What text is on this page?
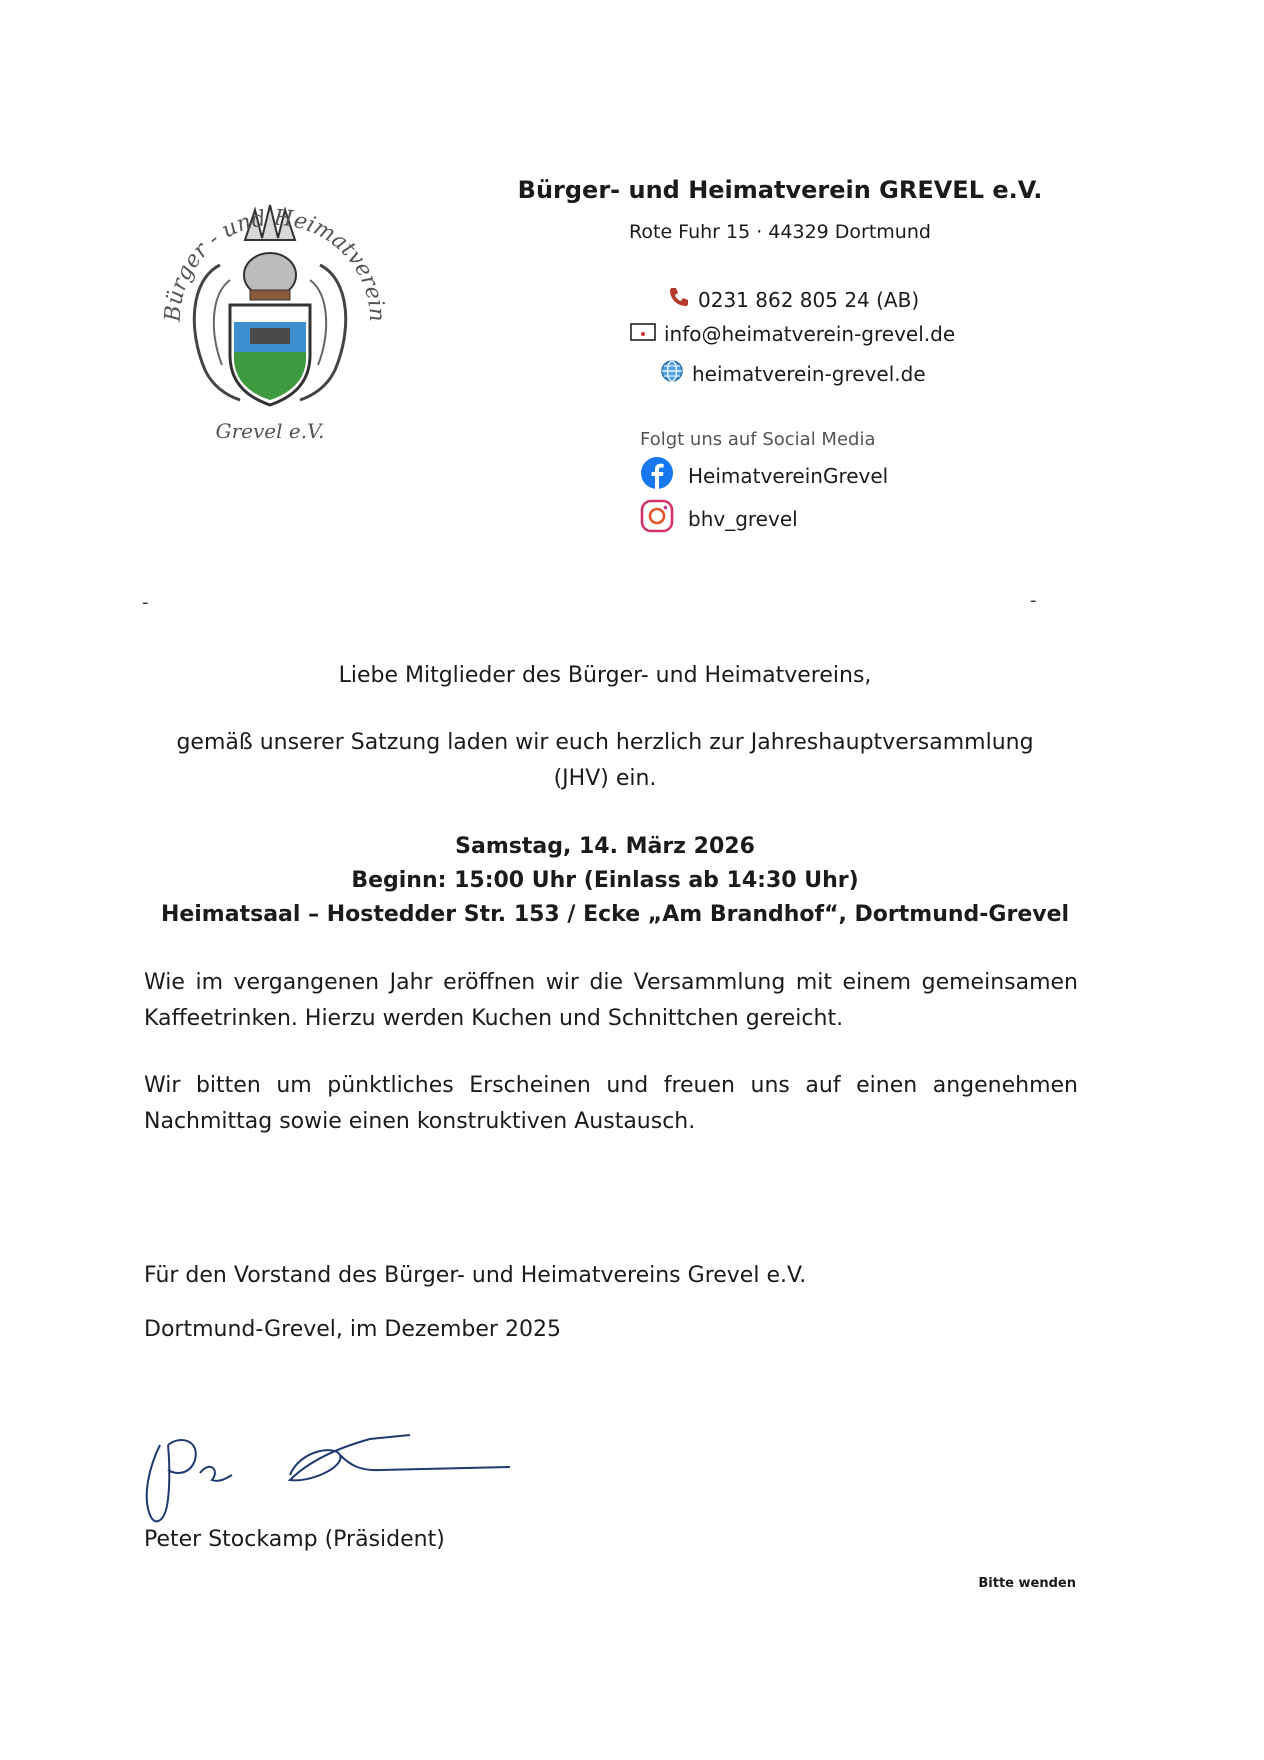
Bürger - und Heimatverein
Grevel e.V.
Bürger- und Heimatverein GREVEL e.V.
Rote Fuhr 15 · 44329 Dortmund
0231 862 805 24 (AB)
info@heimatverein-grevel.de
heimatverein-grevel.de
Folgt uns auf Social Media
HeimatvereinGrevel
bhv_grevel
-	-
Liebe Mitglieder des Bürger- und Heimatvereins,
gemäß unserer Satzung laden wir euch herzlich zur Jahreshauptversammlung
(JHV) ein.
Samstag, 14. März 2026
Beginn: 15:00 Uhr (Einlass ab 14:30 Uhr)
Heimatsaal – Hostedder Str. 153 / Ecke „Am Brandhof“, Dortmund-Grevel
Wie im vergangenen Jahr eröffnen wir die Versammlung mit einem gemeinsamen Kaffeetrinken. Hierzu werden Kuchen und Schnittchen gereicht.
Wir bitten um pünktliches Erscheinen und freuen uns auf einen angenehmen Nachmittag sowie einen konstruktiven Austausch.
Für den Vorstand des Bürger- und Heimatvereins Grevel e.V.
Dortmund-Grevel, im Dezember 2025
Peter Stockamp (Präsident)
Bitte wenden
